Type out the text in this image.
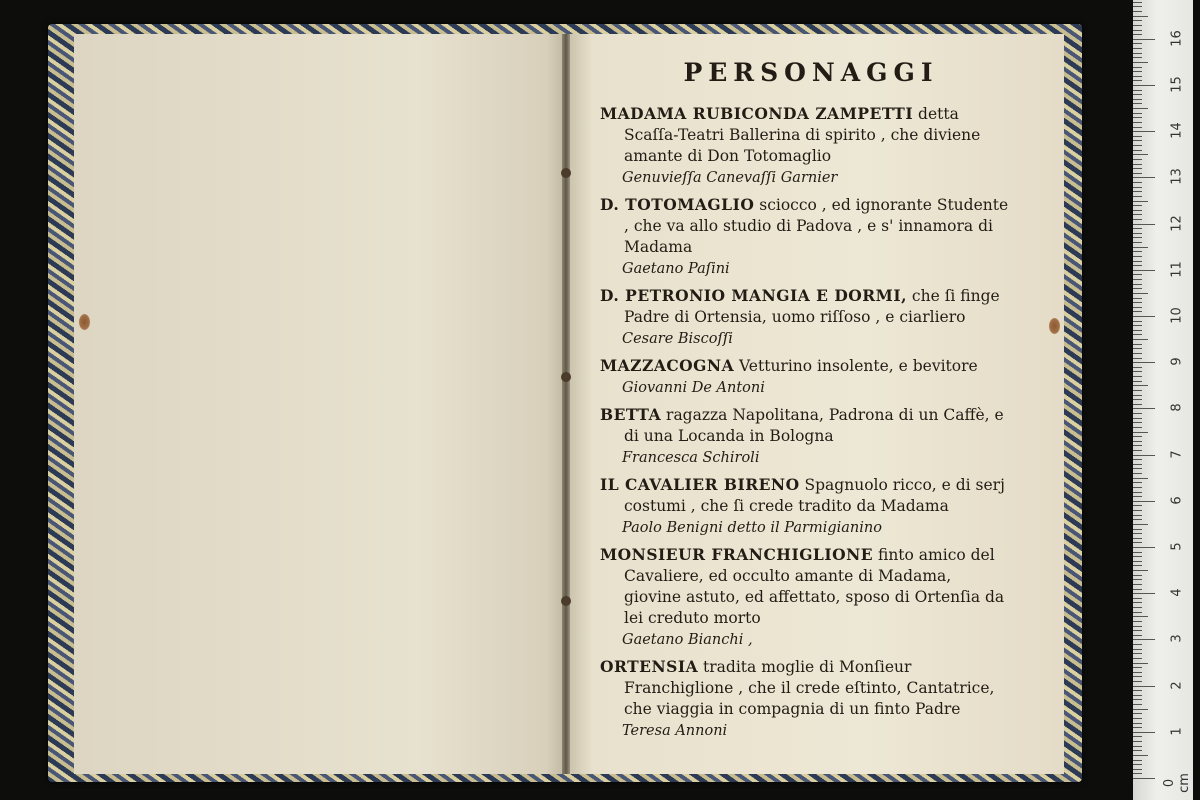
PERSONAGGI

MADAMA RUBICONDA ZAMPETTI detta Scaſſa-Teatri Ballerina di spirito , che diviene amante di Don Totomaglio

Genuvieſſa Canevaſſi Garnier

D. TOTOMAGLIO sciocco , ed ignorante Studente , che va allo studio di Padova , e s' innamora di Madama

Gaetano Paſini

D. PETRONIO MANGIA E DORMI, che ſi finge Padre di Ortensia, uomo riſſoso , e ciarliero

Cesare Biscoſſi

MAZZACOGNA Vetturino insolente, e bevitore

Giovanni De Antoni

BETTA ragazza Napolitana, Padrona di un Caffè, e di una Locanda in Bologna

Francesca Schiroli

IL CAVALIER BIRENO Spagnuolo ricco, e di serj costumi , che ſi crede tradito da Madama

Paolo Benigni detto il Parmigianino

MONSIEUR FRANCHIGLIONE finto amico del Cavaliere, ed occulto amante di Madama, giovine astuto, ed affettato, sposo di Ortenſia da lei creduto morto

Gaetano Bianchi ,

ORTENSIA tradita moglie di Monſieur Franchiglione , che il crede eſtinto, Cantatrice, che viaggia in compagnia di un finto Padre

Teresa Annoni

0 cm
1
2
3
4
5
6
7
8
9
10
11
12
13
14
15
16
